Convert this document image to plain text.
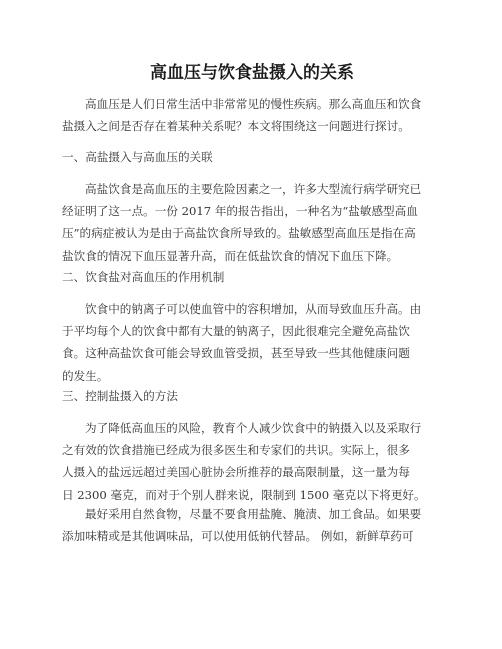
高血压与饮食盐摄入的关系

高血压是人们日常生活中非常常见的慢性疾病。那么高血压和饮食
盐摄入之间是否存在着某种关系呢？本文将围绕这一问题进行探讨。

一、高盐摄入与高血压的关联

高盐饮食是高血压的主要危险因素之一，许多大型流行病学研究已
经证明了这一点。一份 2017 年的报告指出，一种名为“盐敏感型高血
压”的病症被认为是由于高盐饮食所导致的。盐敏感型高血压是指在高
盐饮食的情况下血压显著升高，而在低盐饮食的情况下血压下降。

二、饮食盐对高血压的作用机制

饮食中的钠离子可以使血管中的容积增加，从而导致血压升高。由
于平均每个人的饮食中都有大量的钠离子，因此很难完全避免高盐饮
食。这种高盐饮食可能会导致血管受损，甚至导致一些其他健康问题
的发生。

三、控制盐摄入的方法

为了降低高血压的风险，教育个人减少饮食中的钠摄入以及采取行
之有效的饮食措施已经成为很多医生和专家们的共识。实际上，很多
人摄入的盐远远超过美国心脏协会所推荐的最高限制量，这一量为每
日 2300 毫克，而对于个别人群来说，限制到 1500 毫克以下将更好。

最好采用自然食物，尽量不要食用盐腌、腌渍、加工食品。如果要
添加味精或是其他调味品，可以使用低钠代替品。 例如，新鲜草药可
